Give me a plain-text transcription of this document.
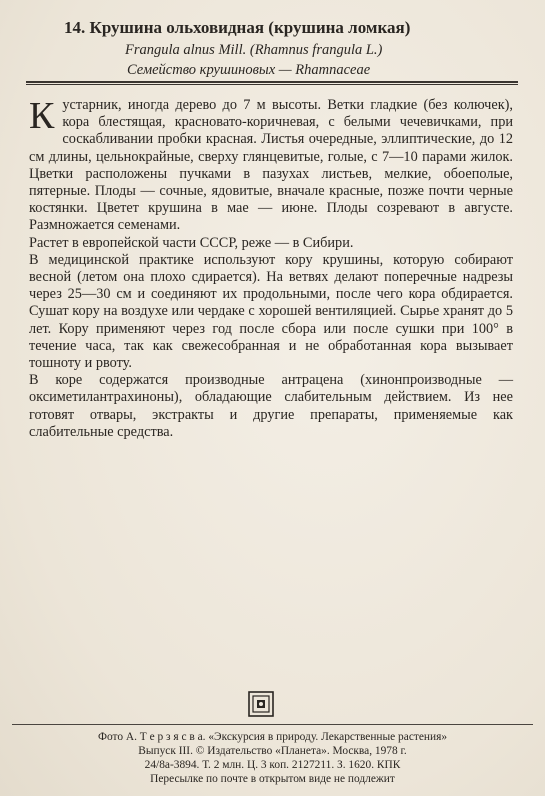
14. Крушина ольховидная (крушина ломкая)
Frangula alnus Mill. (Rhamnus frangula L.)
Семейство крушиновых — Rhamnaceae

Кустарник, иногда дерево до 7 м высоты. Ветки гладкие (без колючек), кора блестящая, красновато-коричневая, с белыми чечевичками, при соскабливании пробки красная. Листья очередные, эллиптические, до 12 см длины, цельнокрайные, сверху глянцевитые, голые, с 7—10 парами жилок. Цветки расположены пучками в пазухах листьев, мелкие, обоеполые, пятерные. Плоды — сочные, ядовитые, вначале красные, позже почти черные костянки. Цветет крушина в мае — июне. Плоды созревают в августе. Размножается семенами.

Растет в европейской части СССР, реже — в Сибири.

В медицинской практике используют кору крушины, которую собирают весной (летом она плохо сдирается). На ветвях делают поперечные надрезы через 25—30 см и соединяют их продольными, после чего кора обдирается. Сушат кору на воздухе или чердаке с хорошей вентиляцией. Сырье хранят до 5 лет. Кору применяют через год после сбора или после сушки при 100° в течение часа, так как свежесобранная и не обработанная кора вызывает тошноту и рвоту.

В коре содержатся производные антрацена (хинонпроизводные — оксиметилантрахиноны), обладающие слабительным действием. Из нее готовят отвары, экстракты и другие препараты, применяемые как слабительные средства.

Фото А. Т е р з я с в а. «Экскурсия в природу. Лекарственные растения»
Выпуск III. © Издательство «Планета». Москва, 1978 г.
24/8а-3894. Т. 2 млн. Ц. 3 коп. 2127211. З. 1620. КПК
Пересылке по почте в открытом виде не подлежит
